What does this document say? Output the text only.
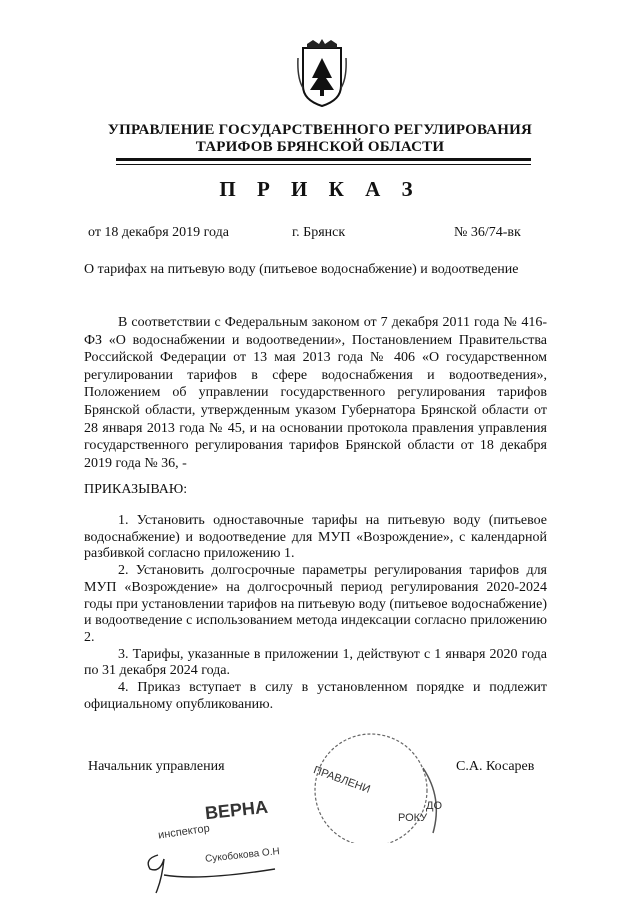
УПРАВЛЕНИЕ ГОСУДАРСТВЕННОГО РЕГУЛИРОВАНИЯ
ТАРИФОВ БРЯНСКОЙ ОБЛАСТИ
П Р И К А З
от 18 декабря 2019 года	г. Брянск	№ 36/74-вк
О тарифах на питьевую воду (питьевое водоснабжение) и водоотведение

В соответствии с Федеральным законом от 7 декабря 2011 года № 416-ФЗ «О водоснабжении и водоотведении», Постановлением Правительства Российской Федерации от 13 мая 2013 года № 406 «О государственном регулировании тарифов в сфере водоснабжения и водоотведения», Положением об управлении государственного регулирования тарифов Брянской области, утвержденным указом Губернатора Брянской области от 28 января 2013 года № 45, и на основании протокола правления управления государственного регулирования тарифов Брянской области от 18 декабря 2019 года № 36, -

ПРИКАЗЫВАЮ:

1. Установить одноставочные тарифы на питьевую воду (питьевое водоснабжение) и водоотведение для МУП «Возрождение», с календарной разбивкой согласно приложению 1.

2. Установить долгосрочные параметры регулирования тарифов для МУП «Возрождение» на долгосрочный период регулирования 2020-2024 годы при установлении тарифов на питьевую воду (питьевое водоснабжение) и водоотведение с использованием метода индексации согласно приложению 2.

3. Тарифы, указанные в приложении 1, действуют с 1 января 2020 года по 31 декабря 2024 года.

4. Приказ вступает в силу в установленном порядке и подлежит официальному опубликованию.

Начальник управления	С.А. Косарев
ПРАВЛЕНИ
ДО
РОКУ
ВЕРНА
инспектор
Сукобокова О.Н
